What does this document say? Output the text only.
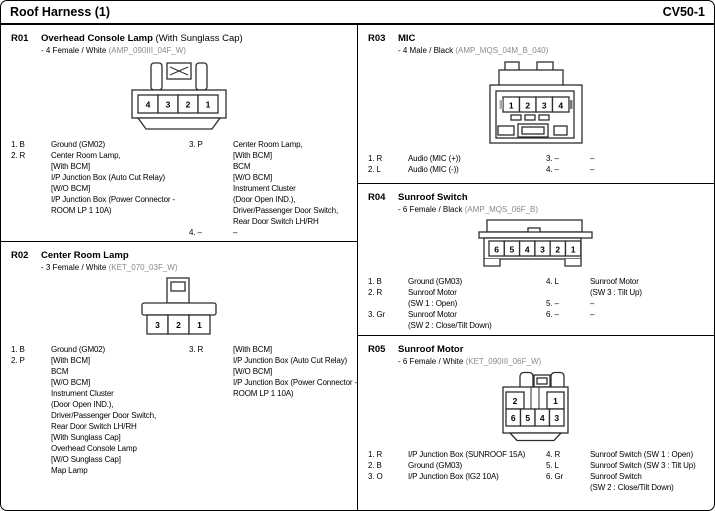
Roof Harness (1)	CV50-1
R01	Overhead Console Lamp (With Sunglass Cap)
- 4 Female / White (AMP_090III_04F_W)
4 3 2 1
1. B	Ground (GM02)
2. R	Center Room Lamp,
[With BCM]
I/P Junction Box (Auto Cut Relay)
[W/O BCM]
I/P Junction Box (Power Connector -
ROOM LP 1 10A)
3. P	Center Room Lamp,
[With BCM]
BCM
[W/O BCM]
Instrument Cluster
(Door Open IND.),
Driver/Passenger Door Switch,
Rear Door Switch LH/RH
4. –	–
R02	Center Room Lamp
- 3 Female / White (KET_070_03F_W)
3 2 1
1. B	Ground (GM02)
2. P	[With BCM]
BCM
[W/O BCM]
Instrument Cluster
(Door Open IND.),
Driver/Passenger Door Switch,
Rear Door Switch LH/RH
[With Sunglass Cap]
Overhead Console Lamp
[W/O Sunglass Cap]
Map Lamp
3. R	[With BCM]
I/P Junction Box (Auto Cut Relay)
[W/O BCM]
I/P Junction Box (Power Connector -
ROOM LP 1 10A)
R03	MIC
- 4 Male / Black (AMP_MQS_04M_B_040)
1 2 3 4
1. R	Audio (MIC (+))
2. L	Audio (MIC (-))
3. –	–
4. –	–
R04	Sunroof Switch
- 6 Female / Black (AMP_MQS_06F_B)
6 5 4 3 2 1
1. B	Ground (GM03)
2. R	Sunroof Motor
(SW 1 : Open)
3. Gr	Sunroof Motor
(SW 2 : Close/Tilt Down)
4. L	Sunroof Motor
(SW 3 : Tilt Up)
5. –	–
6. –	–
R05	Sunroof Motor
- 6 Female / White (KET_090III_06F_W)
2	1
6 5 4 3
1. R	I/P Junction Box (SUNROOF 15A)
2. B	Ground (GM03)
3. O	I/P Junction Box (IG2 10A)
4. R	Sunroof Switch (SW 1 : Open)
5. L	Sunroof Switch (SW 3 : Tilt Up)
6. Gr	Sunroof Switch
(SW 2 : Close/Tilt Down)
